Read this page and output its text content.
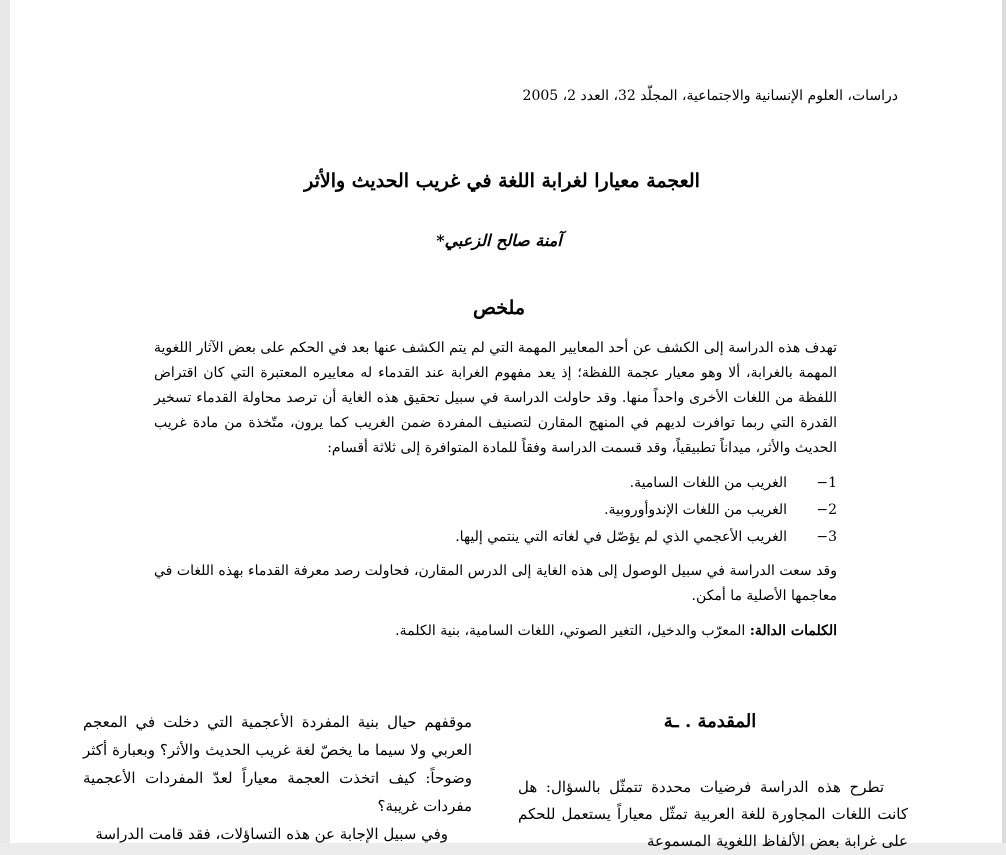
دراسات، العلوم الإنسانية والاجتماعية، المجلّد 32، العدد 2، 2005
العجمة معيارا لغرابة اللغة في غريب الحديث والأثر
آمنة صالح الزعبي*
ملخص

تهدف هذه الدراسة إلى الكشف عن أحد المعايير المهمة التي لم يتم الكشف عنها بعد في الحكم على بعض الآثار اللغوية المهمة بالغرابة، ألا وهو معيار عجمة اللفظة؛ إذ يعد مفهوم الغرابة عند القدماء له معاييره المعتبرة التي كان اقتراض اللفظة من اللغات الأخرى واحداً منها. وقد حاولت الدراسة في سبيل تحقيق هذه الغاية أن ترصد محاولة القدماء تسخير القدرة التي ربما توافرت لديهم في المنهج المقارن لتصنيف المفردة ضمن الغريب كما يرون، متّخذة من مادة غريب الحديث والأثر، ميداناً تطبيقياً، وقد قسمت الدراسة وفقاً للمادة المتوافرة إلى ثلاثة أقسام:

1−
الغريب من اللغات السامية.
2−
الغريب من اللغات الإندوأوروبية.
3−
الغريب الأعجمي الذي لم يؤصّل في لغاته التي ينتمي إليها.

وقد سعت الدراسة في سبيل الوصول إلى هذه الغاية إلى الدرس المقارن، فحاولت رصد معرفة القدماء بهذه اللغات في معاجمها الأصلية ما أمكن.

الكلمات الدالة: المعرّب والدخيل، التغير الصوتي، اللغات السامية، بنية الكلمة.
المقدمة . ـة

تطرح هذه الدراسة فرضيات محددة تتمثّل بالسؤال: هل كانت اللغات المجاورة للغة العربية تمثّل معياراً يستعمل للحكم على غرابة بعض الألفاظ اللغوية المسموعة

موقفهم حيال بنية المفردة الأعجمية التي دخلت في المعجم العربي ولا سيما ما يخصّ لغة غريب الحديث والأثر؟ وبعبارة أكثر وضوحاً: كيف اتخذت العجمة معياراً لعدّ المفردات الأعجمية مفردات غريبة؟

وفي سبيل الإجابة عن هذه التساؤلات، فقد قامت الدراسة
